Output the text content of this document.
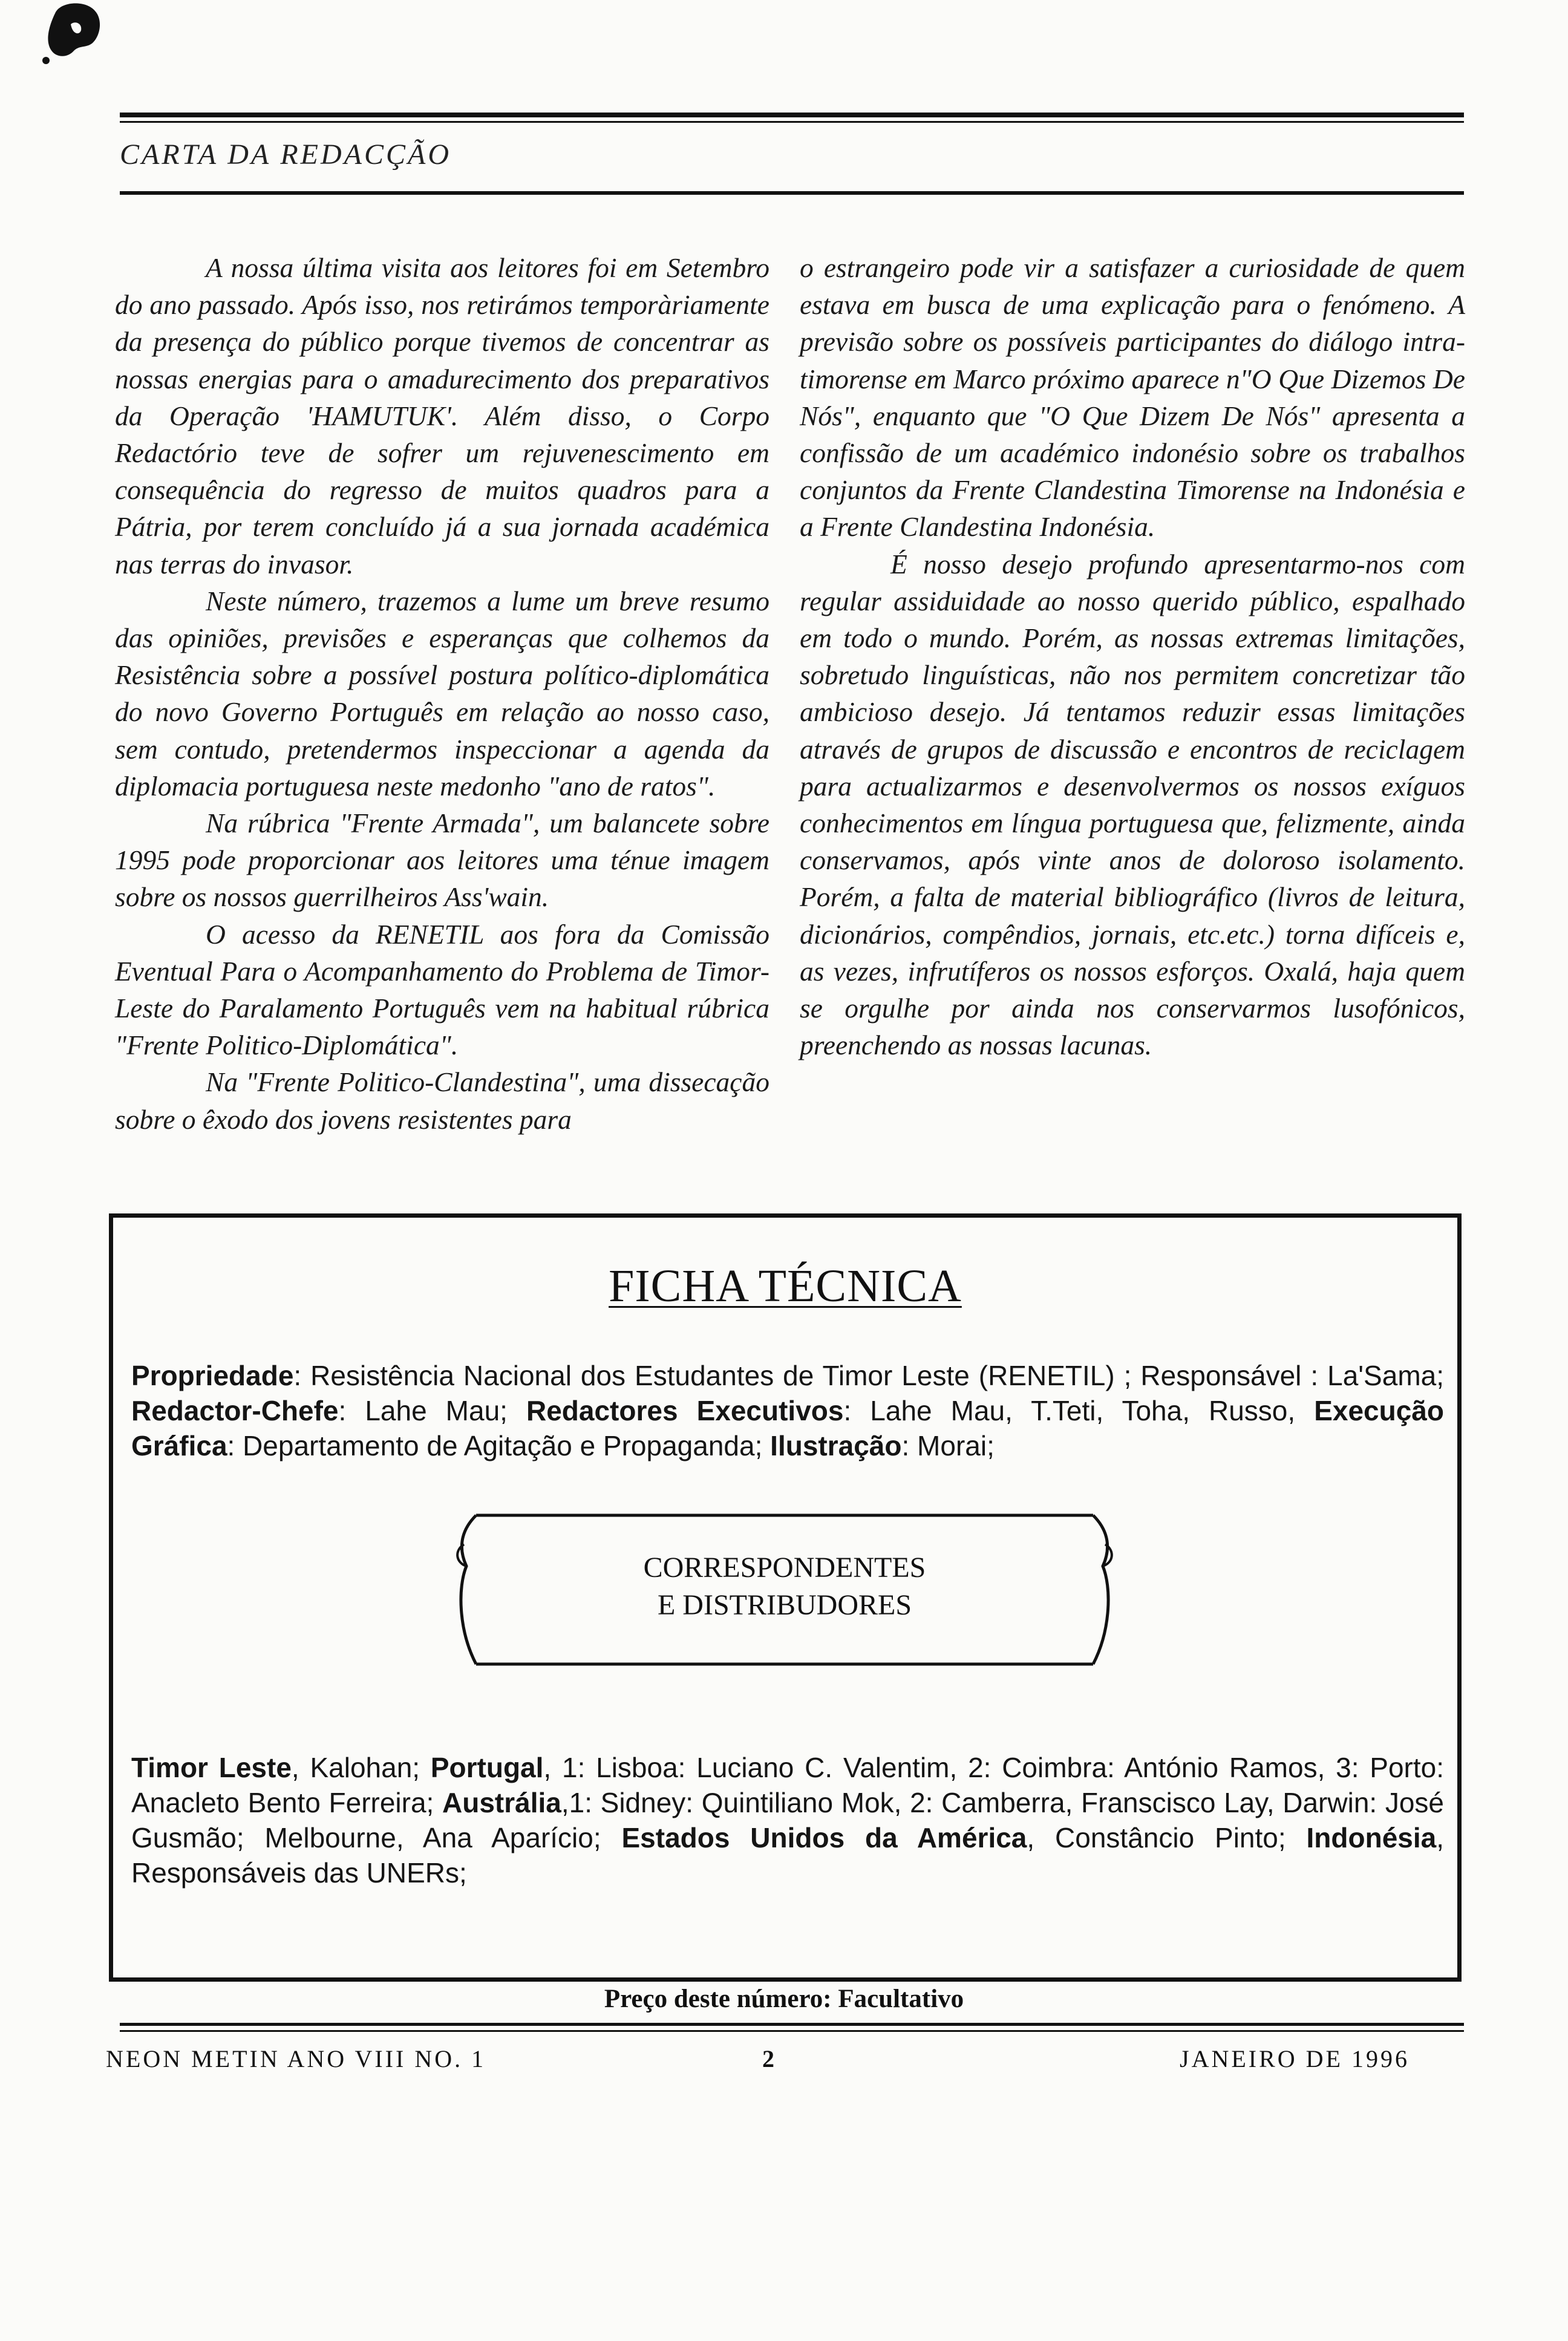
CARTA DA REDACÇÃO

A nossa última visita aos leitores foi em Setembro do ano passado. Após isso, nos retirámos temporàriamente da presença do público porque tivemos de concentrar as nossas energias para o amadurecimento dos preparativos da Operação 'HAMUTUK'. Além disso, o Corpo Redactório teve de sofrer um rejuvenescimento em consequência do regresso de muitos quadros para a Pátria, por terem concluído já a sua jornada académica nas terras do invasor.

Neste número, trazemos a lume um breve resumo das opiniões, previsões e esperanças que colhemos da Resistência sobre a possível postura político-diplomática do novo Governo Português em relação ao nosso caso, sem contudo, pretendermos inspeccionar a agenda da diplomacia portuguesa neste medonho "ano de ratos".

Na rúbrica "Frente Armada", um balancete sobre 1995 pode proporcionar aos leitores uma ténue imagem sobre os nossos guerrilheiros Ass'wain.

O acesso da RENETIL aos fora da Comissão Eventual Para o Acompanhamento do Problema de Timor-Leste do Paralamento Português vem na habitual rúbrica "Frente Politico-Diplomática".

Na "Frente Politico-Clandestina", uma dissecação sobre o êxodo dos jovens resistentes para

o estrangeiro pode vir a satisfazer a curiosidade de quem estava em busca de uma explicação para o fenómeno. A previsão sobre os possíveis participantes do diálogo intra-timorense em Marco próximo aparece n"O Que Dizemos De Nós", enquanto que "O Que Dizem De Nós" apresenta a confissão de um académico indonésio sobre os trabalhos conjuntos da Frente Clandestina Timorense na Indonésia e a Frente Clandestina Indonésia.

É nosso desejo profundo apresentarmo-nos com regular assiduidade ao nosso querido público, espalhado em todo o mundo. Porém, as nossas extremas limitações, sobretudo linguísticas, não nos permitem concretizar tão ambicioso desejo. Já tentamos reduzir essas limitações através de grupos de discussão e encontros de reciclagem para actualizarmos e desenvolvermos os nossos exíguos conhecimentos em língua portuguesa que, felizmente, ainda conservamos, após vinte anos de doloroso isolamento. Porém, a falta de material bibliográfico (livros de leitura, dicionários, compêndios, jornais, etc.etc.) torna difíceis e, as vezes, infrutíferos os nossos esforços. Oxalá, haja quem se orgulhe por ainda nos conservarmos lusofónicos, preenchendo as nossas lacunas.

FICHA TÉCNICA
Propriedade: Resistência Nacional dos Estudantes de Timor Leste (RENETIL) ; Responsável : La'Sama; Redactor-Chefe: Lahe Mau; Redactores Executivos: Lahe Mau, T.Teti, Toha, Russo, Execução Gráfica: Departamento de Agitação e Propaganda; Ilustração: Morai;
CORRESPONDENTES
E DISTRIBUDORES
Timor Leste, Kalohan; Portugal, 1: Lisboa: Luciano C. Valentim, 2: Coimbra: António Ramos, 3: Porto: Anacleto Bento Ferreira; Austrália,1: Sidney: Quintiliano Mok, 2: Camberra, Franscisco Lay, Darwin: José Gusmão; Melbourne, Ana Aparício; Estados Unidos da América, Constâncio Pinto; Indonésia, Responsáveis das UNERs;
Preço deste número: Facultativo
NEON METIN ANO VIII NO. 1	2	JANEIRO DE 1996
